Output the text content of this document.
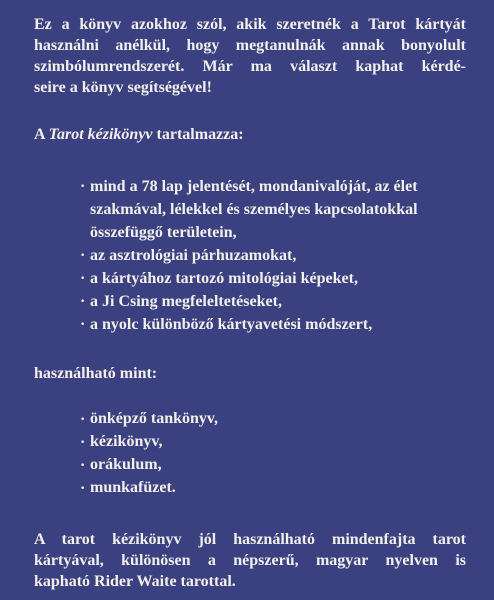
Ez a könyv azokhoz szól, akik szeretnék a Tarot kártyát
használni anélkül, hogy megtanulnák annak bonyolult
szimbólumrendszerét. Már ma választ kaphat kérdé-
seire a könyv segítségével!

A Tarot kézikönyv tartalmazza:

· mind a 78 lap jelentését, mondanivalóját, az élet
szakmával, lélekkel és személyes kapcsolatokkal
összefüggő területein,
· az asztrológiai párhuzamokat,
· a kártyához tartozó mitológiai képeket,
· a Ji Csing megfeleltetéseket,
· a nyolc különböző kártyavetési módszert,

használható mint:

· önképző tankönyv,
· kézikönyv,
· orákulum,
· munkafüzet.

A tarot kézikönyv jól használható mindenfajta tarot
kártyával, különösen a népszerű, magyar nyelven is
kapható Rider Waite tarottal.
